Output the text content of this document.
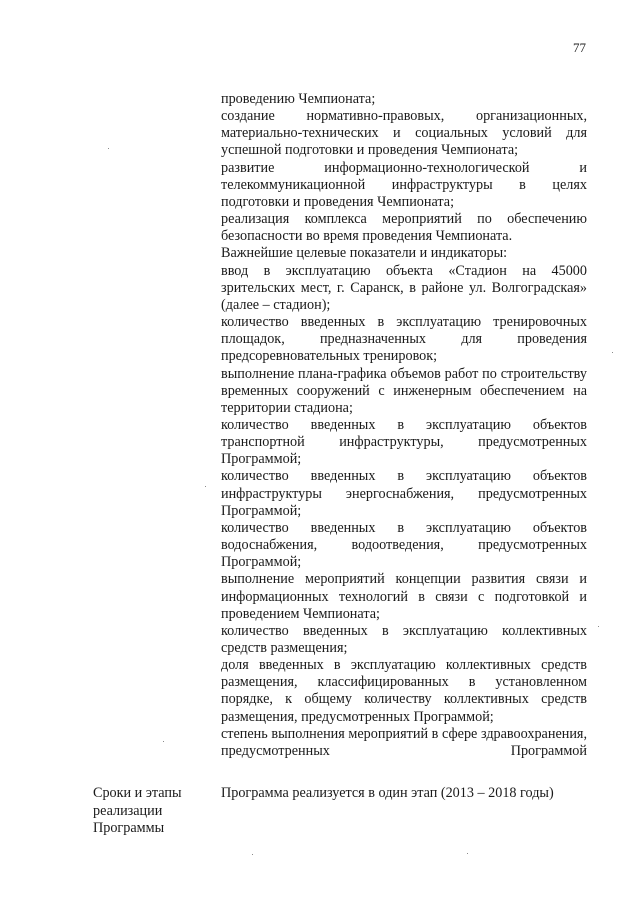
77
проведению Чемпионата;
создание нормативно-правовых, организационных, материально-технических и социальных условий для успешной подготовки и проведения Чемпионата;
развитие информационно-технологической и телекоммуникационной инфраструктуры в целях подготовки и проведения Чемпионата;
реализация комплекса мероприятий по обеспечению безопасности во время проведения Чемпионата.
Важнейшие целевые показатели и индикаторы:
ввод в эксплуатацию объекта «Стадион на 45000 зрительских мест, г. Саранск, в районе ул. Волгоградская» (далее – стадион);
количество введенных в эксплуатацию тренировочных площадок, предназначенных для проведения предсоревновательных тренировок;
выполнение плана-графика объемов работ по строительству временных сооружений с инженерным обеспечением на территории стадиона;
количество введенных в эксплуатацию объектов транспортной инфраструктуры, предусмотренных Программой;
количество введенных в эксплуатацию объектов инфраструктуры энергоснабжения, предусмотренных Программой;
количество введенных в эксплуатацию объектов водоснабжения, водоотведения, предусмотренных Программой;
выполнение мероприятий концепции развития связи и информационных технологий в связи с подготовкой и проведением Чемпионата;
количество введенных в эксплуатацию коллективных средств размещения;
доля введенных в эксплуатацию коллективных средств размещения, классифицированных в установленном порядке, к общему количеству коллективных средств размещения, предусмотренных Программой;
степень выполнения мероприятий в сфере здравоохранения, предусмотренных Программой
Сроки и этапы
реализации
Программы
Программа реализуется в один этап (2013 – 2018 годы)
